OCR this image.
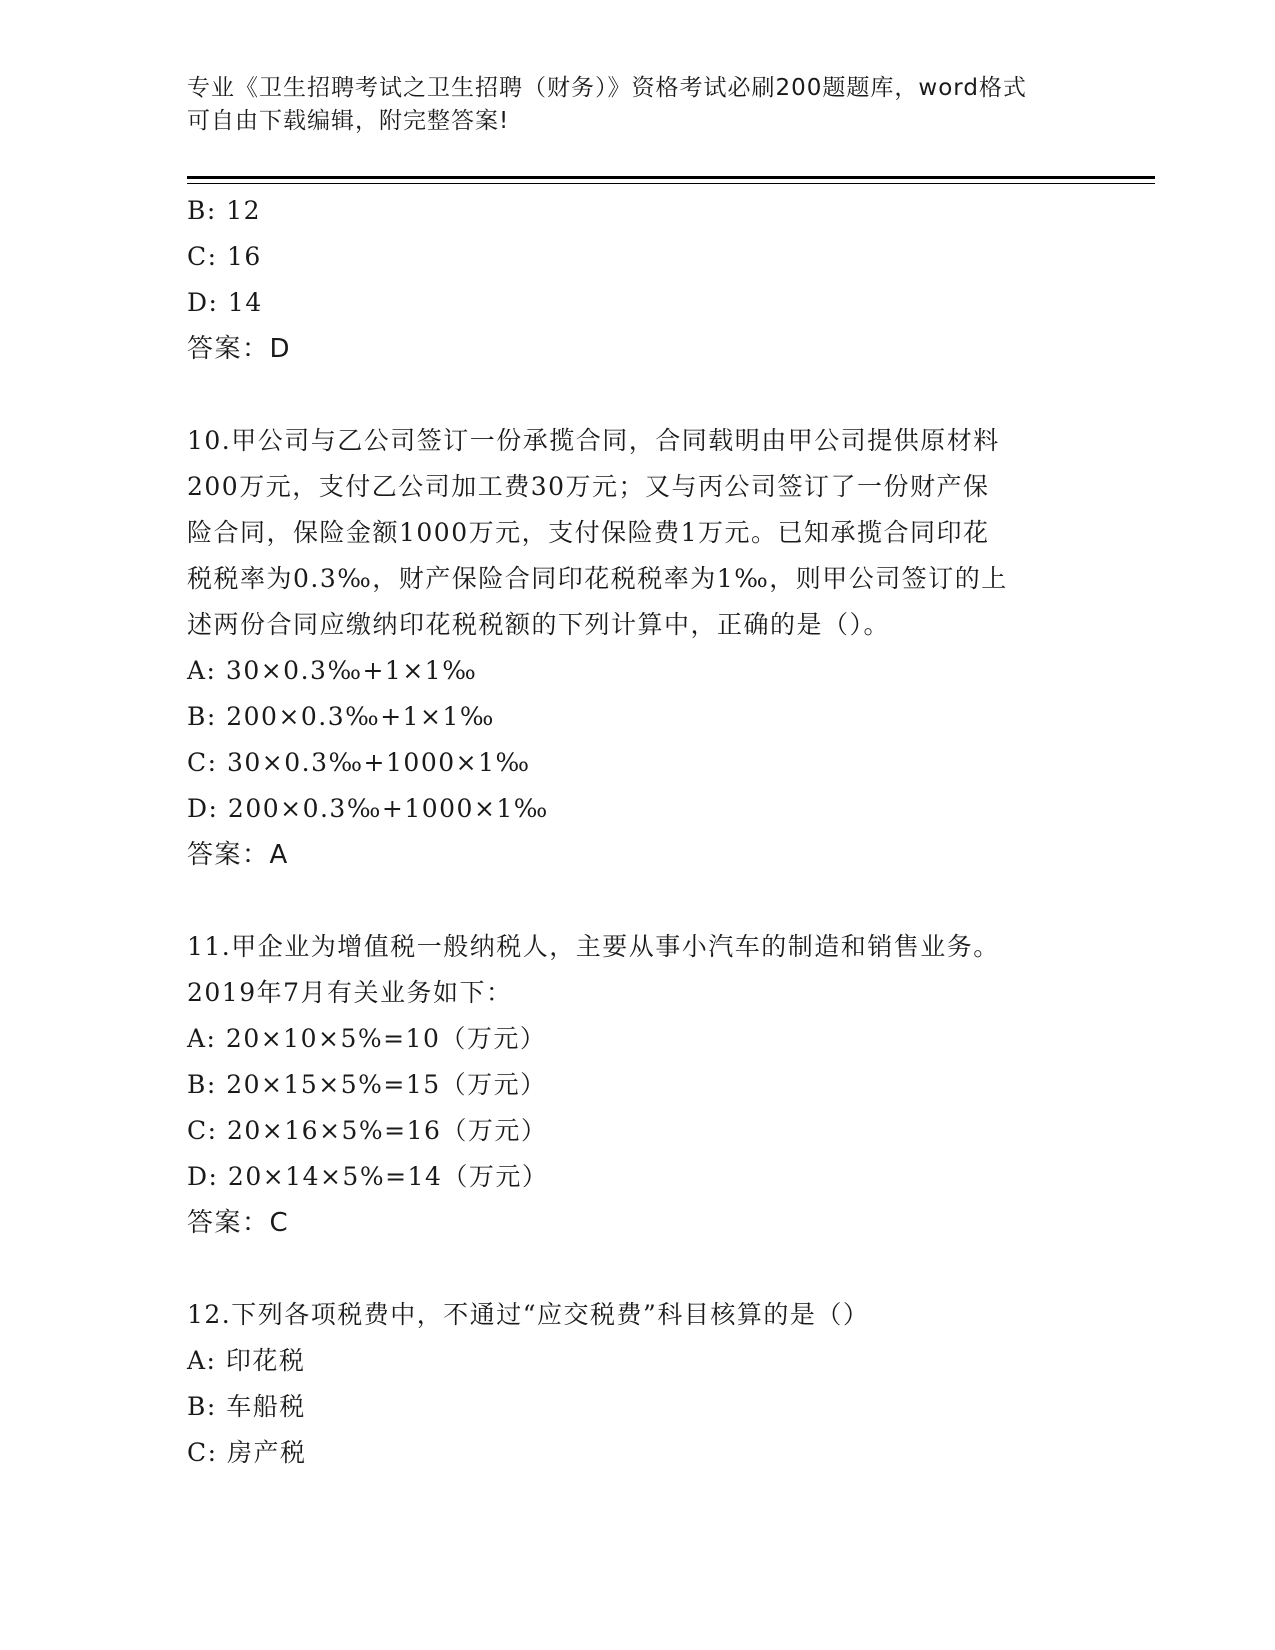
专业《卫生招聘考试之卫生招聘（财务）》资格考试必刷200题题库，word格式
可自由下载编辑，附完整答案!
B: 12
C: 16
D: 14
答案：D
10.甲公司与乙公司签订一份承揽合同，合同载明由甲公司提供原材料
200万元，支付乙公司加工费30万元；又与丙公司签订了一份财产保
险合同，保险金额1000万元，支付保险费1万元。已知承揽合同印花
税税率为0.3‰，财产保险合同印花税税率为1‰，则甲公司签订的上
述两份合同应缴纳印花税税额的下列计算中，正确的是（）。
A: 30×0.3‰+1×1‰
B: 200×0.3‰+1×1‰
C: 30×0.3‰+1000×1‰
D: 200×0.3‰+1000×1‰
答案：A
11.甲企业为增值税一般纳税人，主要从事小汽车的制造和销售业务。
2019年7月有关业务如下：
A: 20×10×5%=10（万元）
B: 20×15×5%=15（万元）
C: 20×16×5%=16（万元）
D: 20×14×5%=14（万元）
答案：C
12.下列各项税费中，不通过“应交税费”科目核算的是（）
A: 印花税
B: 车船税
C: 房产税
